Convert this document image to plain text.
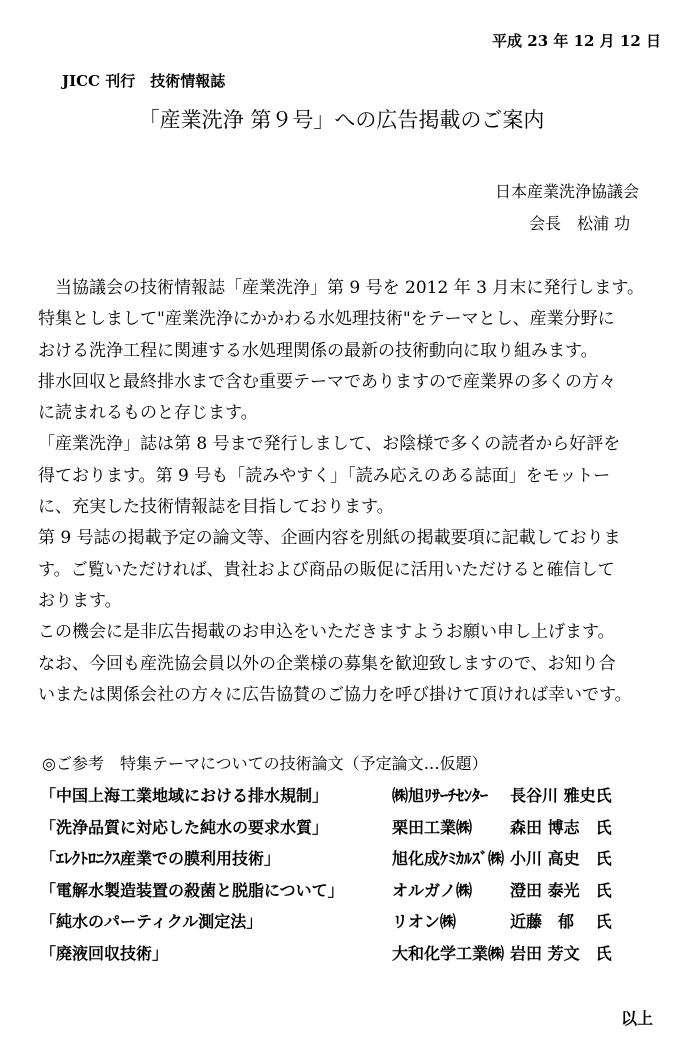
平成 23 年 12 月 12 日
JICC 刊行　技術情報誌
「産業洗浄 第９号」への広告掲載のご案内
日本産業洗浄協議会
会長　松浦 功

　当協議会の技術情報誌「産業洗浄」第 9 号を 2012 年 3 月末に発行します。

特集としまして"産業洗浄にかかわる水処理技術"をテーマとし、産業分野に

おける洗浄工程に関連する水処理関係の最新の技術動向に取り組みます。

排水回収と最終排水まで含む重要テーマでありますので産業界の多くの方々

に読まれるものと存じます。

「産業洗浄」誌は第 8 号まで発行しまして、お陰様で多くの読者から好評を

得ております。第 9 号も「読みやすく」「読み応えのある誌面」をモットー

に、充実した技術情報誌を目指しております。

第 9 号誌の掲載予定の論文等、企画内容を別紙の掲載要項に記載しておりま

す。ご覧いただければ、貴社および商品の販促に活用いただけると確信して

おります。

この機会に是非広告掲載のお申込をいただきますようお願い申し上げます。

なお、今回も産洗協会員以外の企業様の募集を歓迎致しますので、お知り合

いまたは関係会社の方々に広告協賛のご協力を呼び掛けて頂ければ幸いです。

◎ご参考　特集テーマについての技術論文（予定論文…仮題）
「中国上海工業地域における排水規制」	㈱旭ﾘｻｰﾁｾﾝﾀｰ	長谷川 雅史氏
「洗浄品質に対応した純水の要求水質」	栗田工業㈱	森田 博志　氏
「ｴﾚｸﾄﾛﾆｸｽ産業での膜利用技術」	旭化成ｹﾐｶﾙｽﾞ㈱	小川 高史　氏
「電解水製造装置の殺菌と脱脂について」	オルガノ㈱	澄田 泰光　氏
「純水のパーティクル測定法」	リオン㈱	近藤　郁　 氏
「廃液回収技術」	大和化学工業㈱	岩田 芳文　氏
以上
